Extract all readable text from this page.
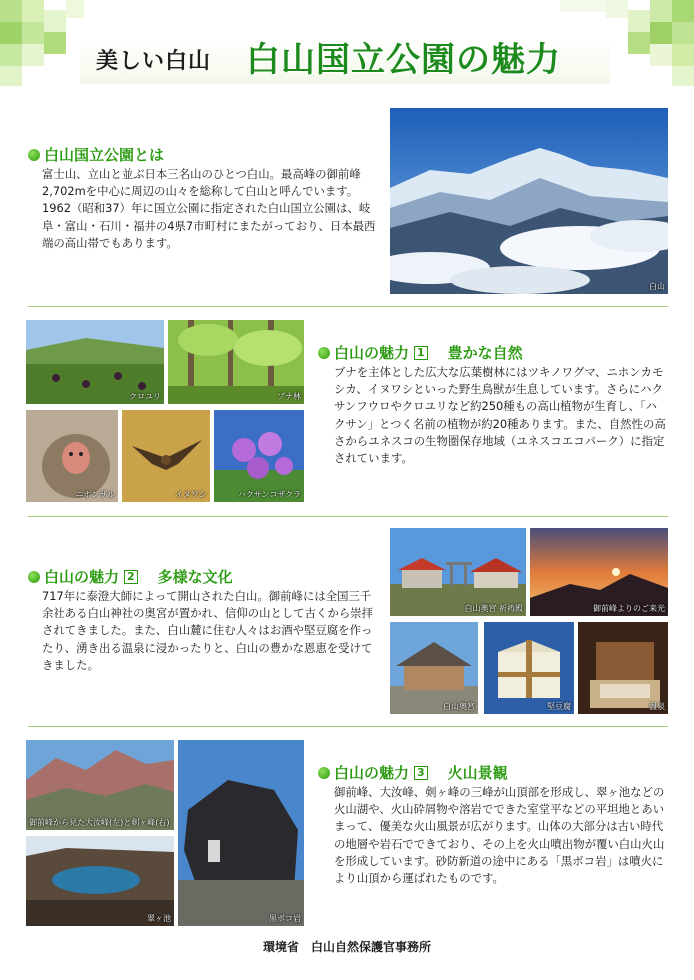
美しい白山 白山国立公園の魅力
白山国立公園とは
富士山、立山と並ぶ日本三名山のひとつ白山。最高峰の御前峰2,702mを中心に周辺の山々を総称して白山と呼んでいます。1962（昭和37）年に国立公園に指定された白山国立公園は、岐阜・富山・石川・福井の4県7市町村にまたがっており、日本最西端の高山帯でもあります。
白山
クロユリ	ブナ林
ニホンザル	イヌワシ	ハクサンコザクラ
白山の魅力 1 豊かな自然
ブナを主体とした広大な広葉樹林にはツキノワグマ、ニホンカモシカ、イヌワシといった野生鳥獣が生息しています。さらにハクサンフウロやクロユリなど約250種もの高山植物が生育し、「ハクサン」とつく名前の植物が約20種あります。また、自然性の高さからユネスコの生物圏保存地域（ユネスコエコパーク）に指定されています。
白山の魅力 2 多様な文化
717年に泰澄大師によって開山された白山。御前峰には全国三千余社ある白山神社の奥宮が置かれ、信仰の山として古くから崇拝されてきました。また、白山麓に住む人々はお酒や堅豆腐を作ったり、湧き出る温泉に浸かったりと、白山の豊かな恩恵を受けてきました。
白山奥宮 祈祷殿	御前峰よりのご来光
白山奥宮	堅豆腐	温泉
御前峰から見た大汝峰(左)と剣ヶ峰(右)
翠ヶ池	黒ボコ岩
白山の魅力 3 火山景観
御前峰、大汝峰、剣ヶ峰の三峰が山頂部を形成し、翠ヶ池などの火山湖や、火山砕屑物や溶岩でできた室堂平などの平坦地とあいまって、優美な火山風景が広がります。山体の大部分は古い時代の地層や岩石でできており、その上を火山噴出物が覆い白山火山を形成しています。砂防新道の途中にある「黒ボコ岩」は噴火により山頂から運ばれたものです。
環境省　白山自然保護官事務所
